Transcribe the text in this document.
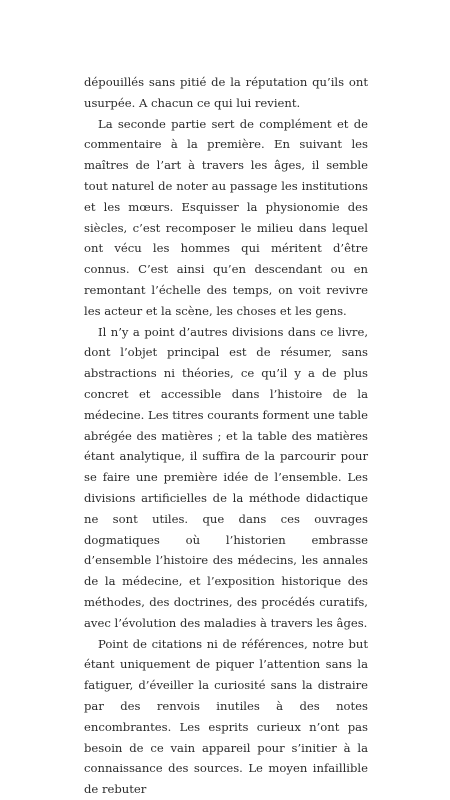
dépouillés sans pitié de la réputation qu’ils ont usurpée. A chacun ce qui lui revient.

La seconde partie sert de complément et de commentaire à la première. En suivant les maîtres de l’art à travers les âges, il semble tout naturel de noter au passage les institutions et les mœurs. Esquisser la physionomie des siècles, c’est recomposer le milieu dans lequel ont vécu les hommes qui méritent d’être connus. C’est ainsi qu’en descendant ou en remontant l’échelle des temps, on voit revivre les acteur et la scène, les choses et les gens.

Il n’y a point d’autres divisions dans ce livre, dont l’objet principal est de résumer, sans abstractions ni théories, ce qu’il y a de plus concret et accessible dans l’histoire de la médecine. Les titres courants forment une table abrégée des matières ; et la table des matières étant analytique, il suffira de la parcourir pour se faire une première idée de l’ensemble. Les divisions artificielles de la méthode didactique ne sont utiles. que dans ces ouvrages dogmatiques où l’historien embrasse d’ensemble l’histoire des médecins, les annales de la médecine, et l’exposition historique des méthodes, des doctrines, des procédés curatifs, avec l’évolution des maladies à travers les âges.

Point de citations ni de références, notre but étant uniquement de piquer l’attention sans la fatiguer, d’éveiller la curiosité sans la distraire par des renvois inutiles à des notes encombrantes. Les esprits curieux n’ont pas besoin de ce vain appareil pour s’initier à la connaissance des sources. Le moyen infaillible de rebuter
